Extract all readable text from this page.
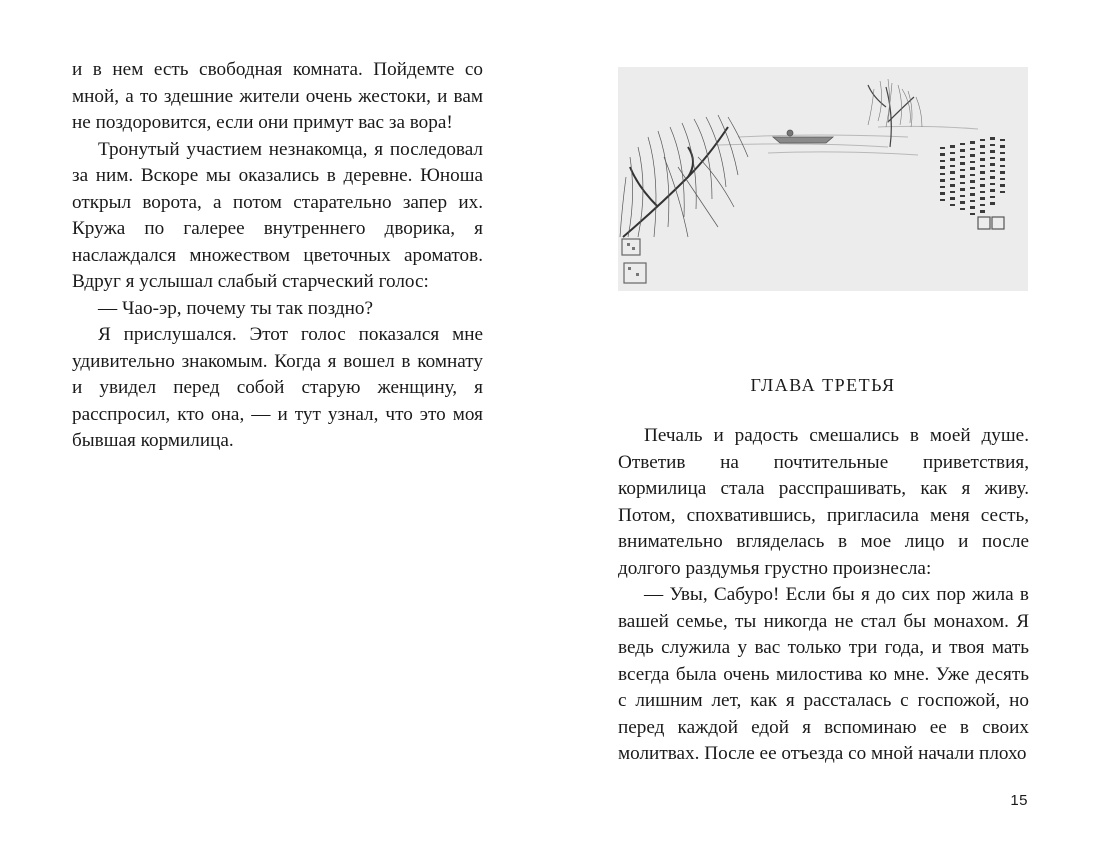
и в нем есть свободная комната. Пойдемте со мной, а то здешние жители очень жестоки, и вам не поздоровится, если они примут вас за вора!

Тронутый участием незнакомца, я последовал за ним. Вскоре мы оказались в деревне. Юноша открыл ворота, а потом старательно запер их. Кружа по галерее внутреннего дворика, я наслаждался множеством цветочных ароматов. Вдруг я услышал слабый старческий голос:

— Чао-эр, почему ты так поздно?

Я прислушался. Этот голос показался мне удивительно знакомым. Когда я вошел в комнату и увидел перед собой старую женщину, я расспросил, кто она, — и тут узнал, что это моя бывшая кормилица.

ГЛАВА ТРЕТЬЯ

Печаль и радость смешались в моей душе. Ответив на почтительные приветствия, кормилица стала расспрашивать, как я живу. Потом, спохватившись, пригласила меня сесть, внимательно вгляделась в мое лицо и после долгого раздумья грустно произнесла:

— Увы, Сабуро! Если бы я до сих пор жила в вашей семье, ты никогда не стал бы монахом. Я ведь служила у вас только три года, и твоя мать всегда была очень милостива ко мне. Уже десять с лишним лет, как я рассталась с госпожой, но перед каждой едой я вспоминаю ее в своих молитвах. После ее отъезда со мной начали плохо

15
